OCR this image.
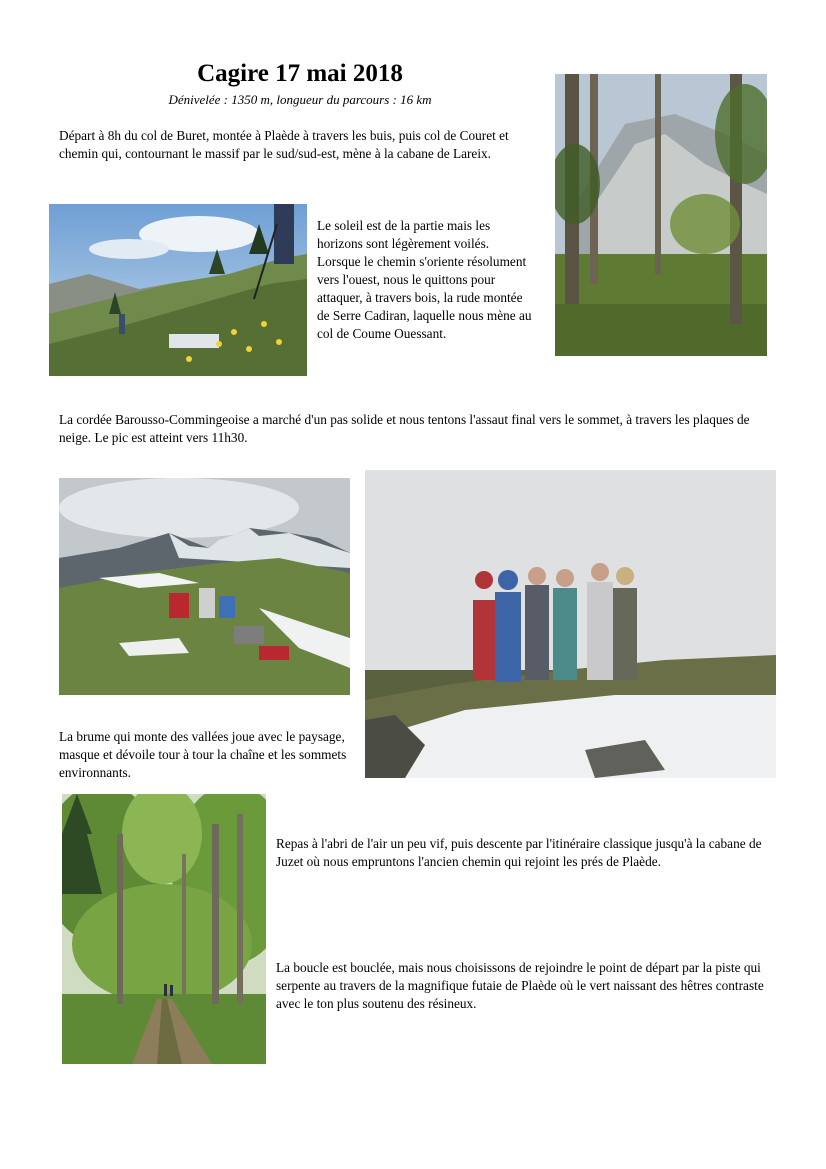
Cagire 17 mai 2018
Dénivelée : 1350 m, longueur du parcours : 16 km
Départ à 8h du col de Buret, montée à Plaède à travers les buis, puis col de Couret et chemin qui, contournant le massif par le sud/sud-est, mène à la cabane de Lareix.
Le soleil est de la partie mais les horizons sont légèrement voilés. Lorsque le chemin s'oriente résolument vers l'ouest, nous le quittons pour attaquer, à travers bois, la rude montée de Serre Cadiran, laquelle nous mène au col de Coume Ouessant.
La cordée Barousso-Commingeoise a marché d'un pas solide et nous tentons l'assaut final vers le sommet, à travers les plaques de neige. Le pic est atteint vers 11h30.
La brume qui monte des vallées joue avec le paysage, masque et dévoile tour à tour la chaîne et les sommets environnants.
Repas à l'abri de l'air un peu vif, puis descente par l'itinéraire classique jusqu'à la cabane de Juzet où nous empruntons l'ancien chemin qui rejoint les prés de Plaède.
La boucle est bouclée, mais nous choisissons de rejoindre le point de départ par la piste qui serpente au travers de la magnifique futaie de Plaède où le vert naissant des hêtres contraste avec le ton plus soutenu des résineux.
